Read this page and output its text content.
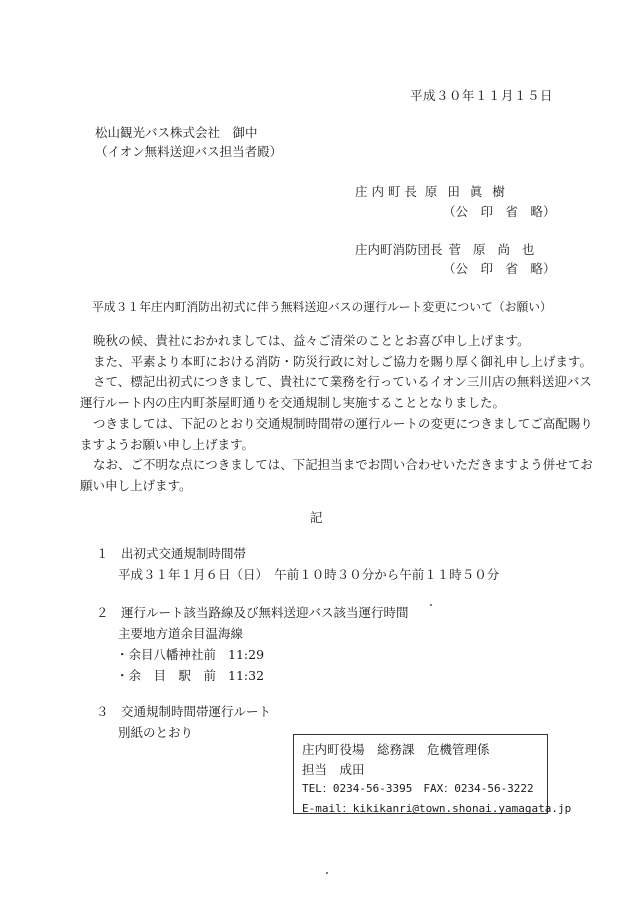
平成３０年１１月１５日
松山観光バス株式会社　御中
（イオン無料送迎バス担当者殿）
庄 内 町 長 原 田 眞 樹
（公　印　省　略）
庄内町消防団長 菅 原 尚 也
（公　印　省　略）
平成３１年庄内町消防出初式に伴う無料送迎バスの運行ルート変更について（お願い）

晩秋の候、貴社におかれましては、益々ご清栄のこととお喜び申し上げます。

また、平素より本町における消防・防災行政に対しご協力を賜り厚く御礼申し上げます。

さて、標記出初式につきまして、貴社にて業務を行っているイオン三川店の無料送迎バス

運行ルート内の庄内町茶屋町通りを交通規制し実施することとなりました。

つきましては、下記のとおり交通規制時間帯の運行ルートの変更につきましてご高配賜り

ますようお願い申し上げます。

なお、ご不明な点につきましては、下記担当までお問い合わせいただきますよう併せてお

願い申し上げます。

記
１ 出初式交通規制時間帯
平成３１年１月６日（日）　午前１０時３０分から午前１１時５０分
２ 運行ルート該当路線及び無料送迎バス該当運行時間
主要地方道余目温海線
・余目八幡神社前 11:29
・余　目　駅　前 11:32
３ 交通規制時間帯運行ルート
別紙のとおり
庄内町役場　総務課　危機管理係
担当　成田
TEL：0234-56-3395　FAX：0234-56-3222
E-mail：kikikanri@town.shonai.yamagata.jp
